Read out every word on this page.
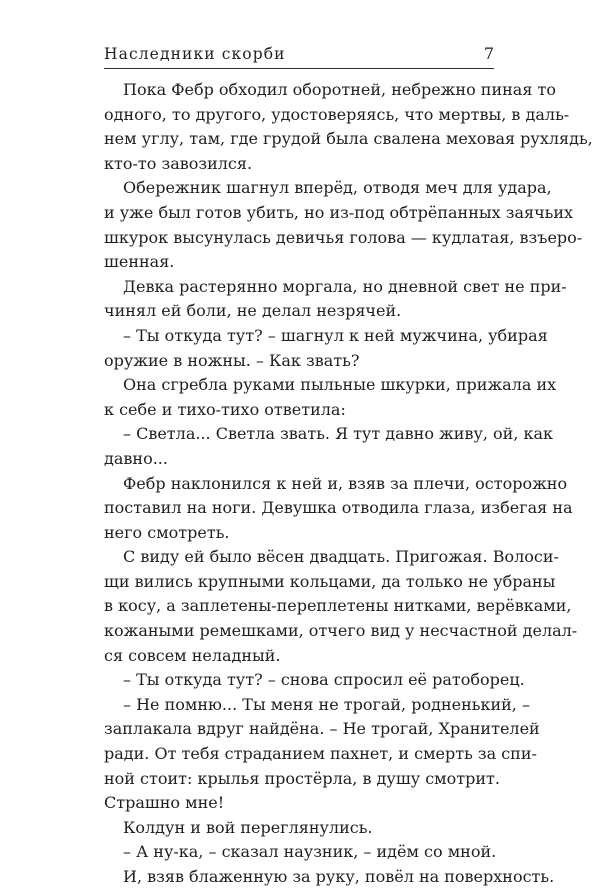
Наследники скорби	7
Пока Фебр обходил оборотней, небрежно пиная то
одного, то другого, удостоверяясь, что мертвы, в даль-
нем углу, там, где грудой была свалена меховая рухлядь,
кто-то завозился.
Обережник шагнул вперёд, отводя меч для удара,
и уже был готов убить, но из-под обтрёпанных заячьих
шкурок высунулась девичья голова — кудлатая, взъеро-
шенная.
Девка растерянно моргала, но дневной свет не при-
чинял ей боли, не делал незрячей.
– Ты откуда тут? – шагнул к ней мужчина, убирая
оружие в ножны. – Как звать?
Она сгребла руками пыльные шкурки, прижала их
к себе и тихо-тихо ответила:
– Светла... Светла звать. Я тут давно живу, ой, как
давно...
Фебр наклонился к ней и, взяв за плечи, осторожно
поставил на ноги. Девушка отводила глаза, избегая на
него смотреть.
С виду ей было вёсен двадцать. Пригожая. Волоси-
щи вились крупными кольцами, да только не убраны
в косу, а заплетены-переплетены нитками, верёвками,
кожаными ремешками, отчего вид у несчастной делал-
ся совсем неладный.
– Ты откуда тут? – снова спросил её ратоборец.
– Не помню... Ты меня не трогай, родненький, –
заплакала вдруг найдёна. – Не трогай, Хранителей
ради. От тебя страданием пахнет, и смерть за спи-
ной стоит: крылья простёрла, в душу смотрит.
Страшно мне!
Колдун и вой переглянулись.
– А ну-ка, – сказал наузник, – идём со мной.
И, взяв блаженную за руку, повёл на поверхность.
